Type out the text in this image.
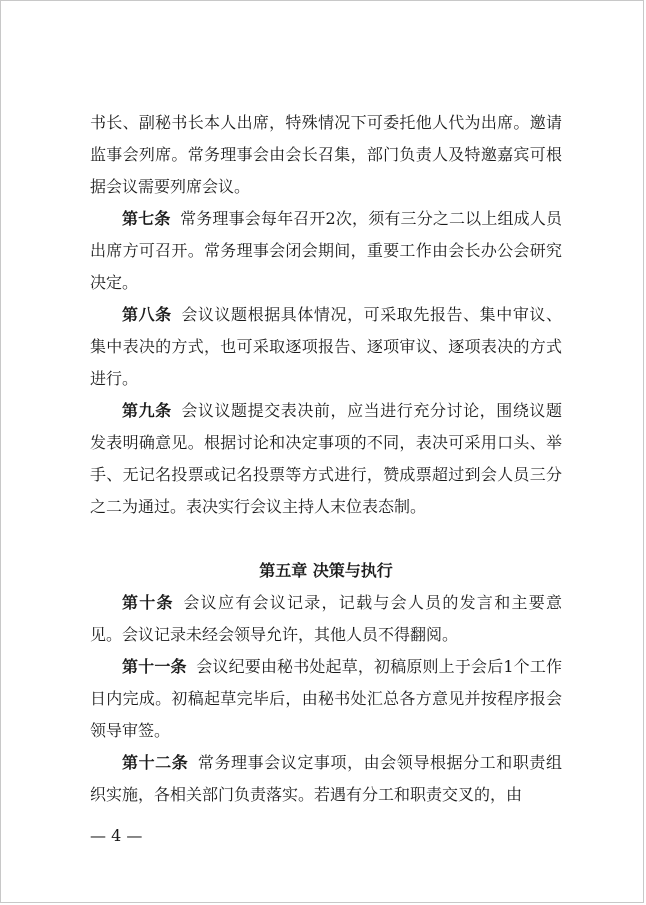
书长、副秘书长本人出席，特殊情况下可委托他人代为出席。邀请监事会列席。常务理事会由会长召集，部门负责人及特邀嘉宾可根据会议需要列席会议。

第七条 常务理事会每年召开2次，须有三分之二以上组成人员出席方可召开。常务理事会闭会期间，重要工作由会长办公会研究决定。

第八条 会议议题根据具体情况，可采取先报告、集中审议、集中表决的方式，也可采取逐项报告、逐项审议、逐项表决的方式进行。

第九条 会议议题提交表决前，应当进行充分讨论，围绕议题发表明确意见。根据讨论和决定事项的不同，表决可采用口头、举手、无记名投票或记名投票等方式进行，赞成票超过到会人员三分之二为通过。表决实行会议主持人末位表态制。

第五章 决策与执行

第十条 会议应有会议记录，记载与会人员的发言和主要意见。会议记录未经会领导允许，其他人员不得翻阅。

第十一条 会议纪要由秘书处起草，初稿原则上于会后1个工作日内完成。初稿起草完毕后，由秘书处汇总各方意见并按程序报会领导审签。

第十二条 常务理事会议定事项，由会领导根据分工和职责组织实施，各相关部门负责落实。若遇有分工和职责交叉的，由

— 4 —
